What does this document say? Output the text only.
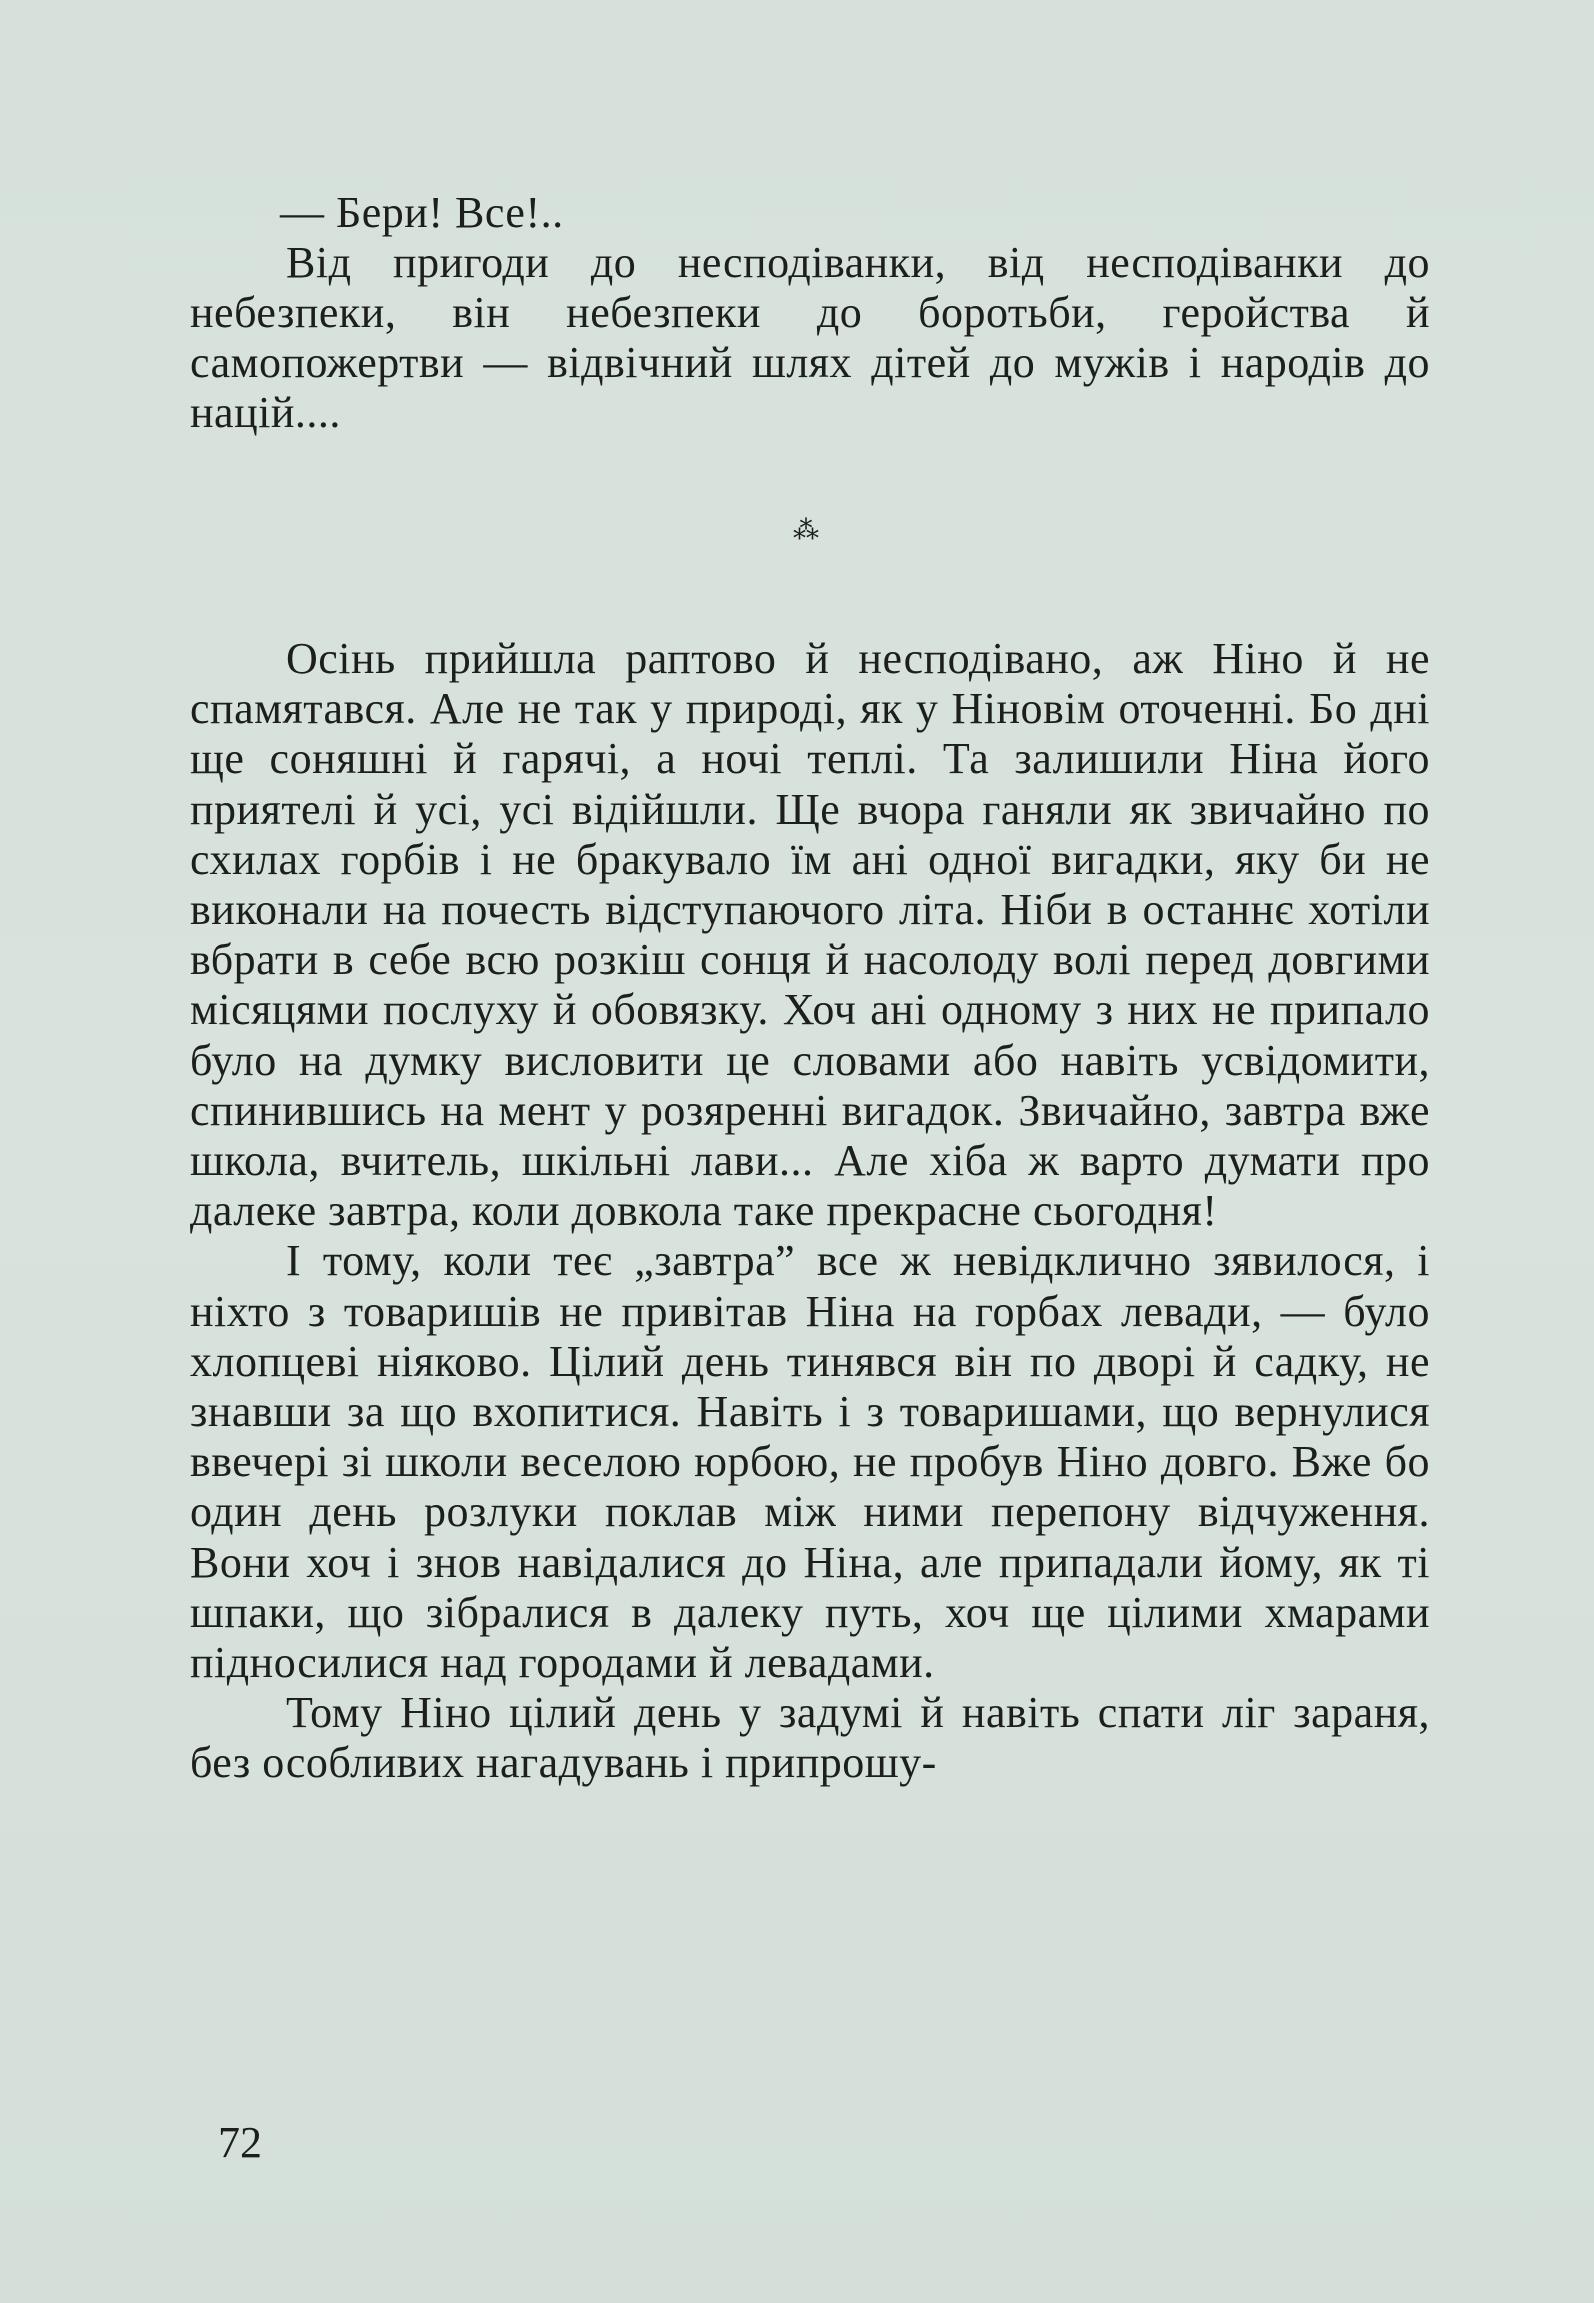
— Бери! Все!..

Від пригоди до несподіванки, від несподіванки до небезпеки, він небезпеки до боротьби, геройства й самопожертви — відвічний шлях дітей до мужів і народів до націй....

⁂

Осінь прийшла раптово й несподівано, аж Ніно й не спамятався. Але не так у природі, як у Ніновім оточенні. Бо дні ще соняшні й гарячі, а ночі теплі. Та залишили Ніна його приятелі й усі, усі відійшли. Ще вчора ганяли як звичайно по схилах горбів і не бракувало їм ані одної вигадки, яку би не виконали на почесть відступаючого літа. Ніби в останнє хотіли вбрати в себе всю розкіш сонця й насолоду волі перед довгими місяцями послуху й обовязку. Хоч ані одному з них не припало було на думку висловити це словами або навіть усвідомити, спинившись на мент у розяренні вигадок. Звичайно, завтра вже школа, вчитель, шкільні лави... Але хіба ж варто думати про далеке завтра, коли довкола таке прекрасне сьогодня!

І тому, коли теє „завтра” все ж невідклично зявилося, і ніхто з товаришів не привітав Ніна на горбах левади, — було хлопцеві ніяково. Цілий день тинявся він по дворі й садку, не знавши за що вхопитися. Навіть і з товаришами, що вернулися ввечері зі школи веселою юрбою, не пробув Ніно довго. Вже бо один день розлуки поклав між ними перепону відчуження. Вони хоч і знов навідалися до Ніна, але припадали йому, як ті шпаки, що зібралися в далеку путь, хоч ще цілими хмарами підносилися над городами й левадами.

Тому Ніно цілий день у задумі й навіть спати ліг зараня, без особливих нагадувань і припрошу-

72
